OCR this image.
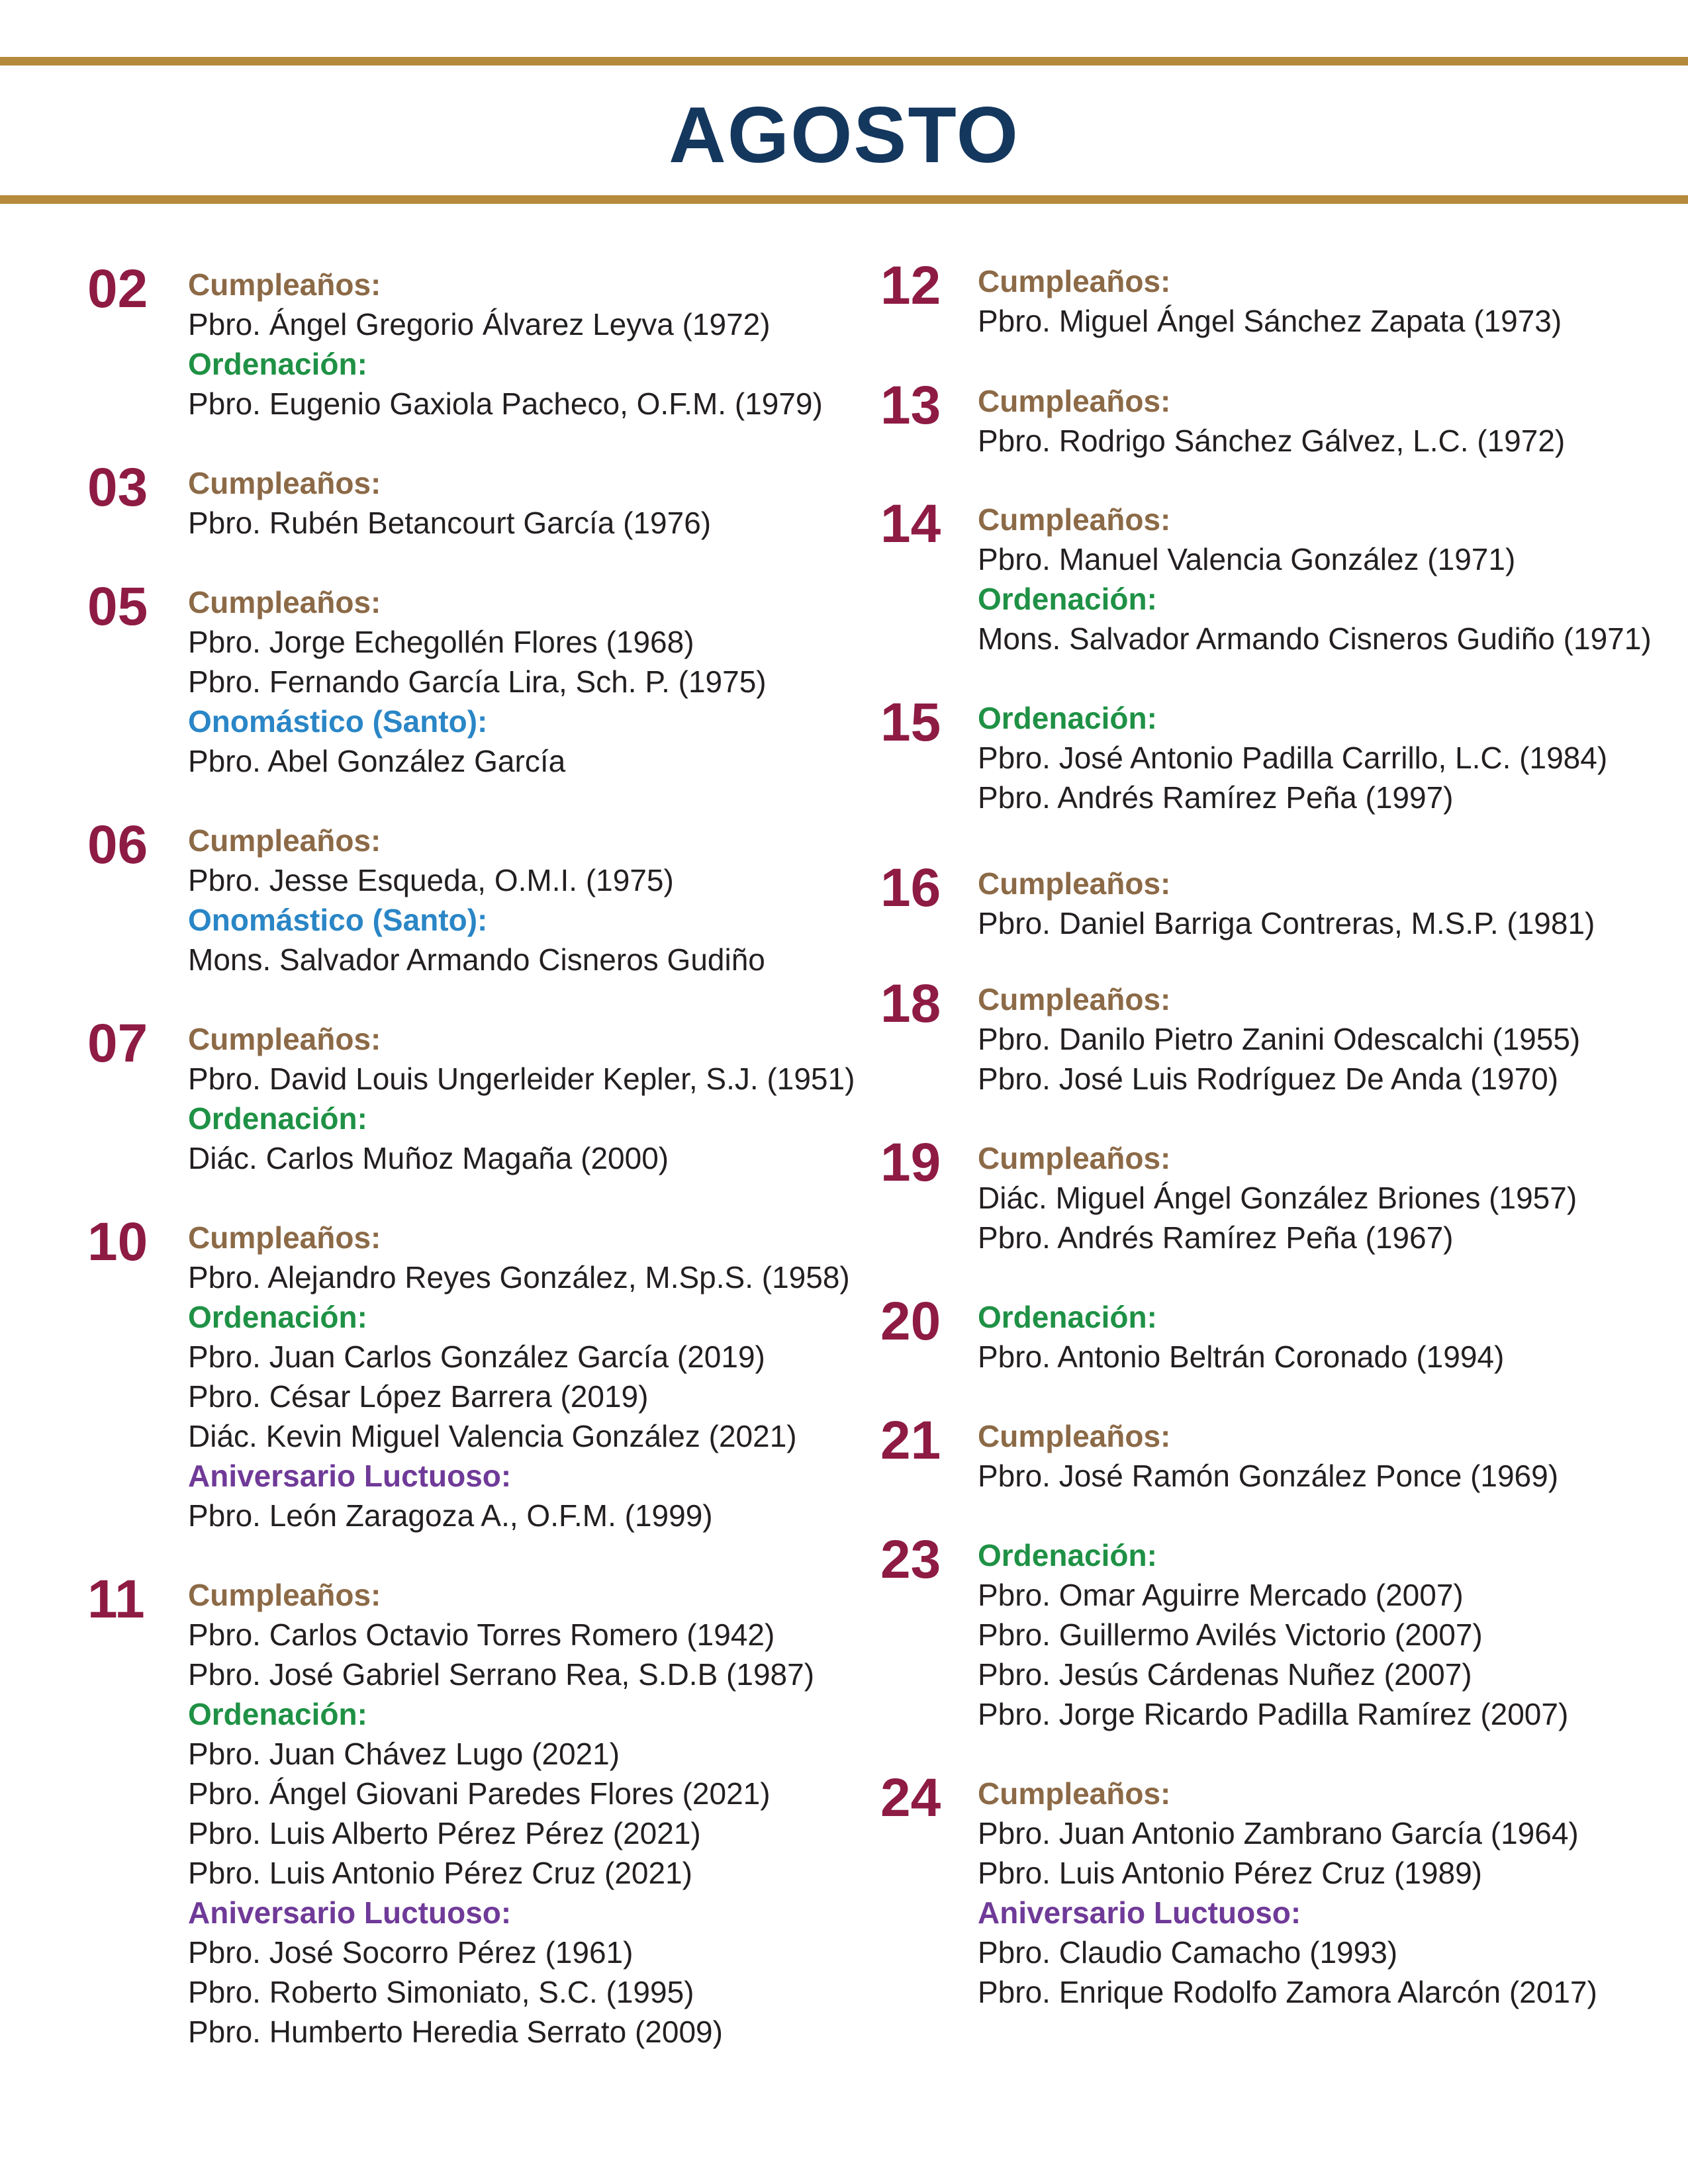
AGOSTO
02 Cumpleaños:
Pbro. Ángel Gregorio Álvarez Leyva (1972)
Ordenación:
Pbro. Eugenio Gaxiola Pacheco, O.F.M. (1979)
03 Cumpleaños:
Pbro. Rubén Betancourt García (1976)
05 Cumpleaños:
Pbro. Jorge Echegollén Flores (1968)
Pbro. Fernando García Lira, Sch. P. (1975)
Onomástico (Santo):
Pbro. Abel González García
06 Cumpleaños:
Pbro. Jesse Esqueda, O.M.I. (1975)
Onomástico (Santo):
Mons. Salvador Armando Cisneros Gudiño
07 Cumpleaños:
Pbro. David Louis Ungerleider Kepler, S.J. (1951)
Ordenación:
Diác. Carlos Muñoz Magaña (2000)
10 Cumpleaños:
Pbro. Alejandro Reyes González, M.Sp.S. (1958)
Ordenación:
Pbro. Juan Carlos González García (2019)
Pbro. César López Barrera (2019)
Diác. Kevin Miguel Valencia González (2021)
Aniversario Luctuoso:
Pbro. León Zaragoza A., O.F.M. (1999)
11 Cumpleaños:
Pbro. Carlos Octavio Torres Romero (1942)
Pbro. José Gabriel Serrano Rea, S.D.B (1987)
Ordenación:
Pbro. Juan Chávez Lugo (2021)
Pbro. Ángel Giovani Paredes Flores (2021)
Pbro. Luis Alberto Pérez Pérez (2021)
Pbro. Luis Antonio Pérez Cruz (2021)
Aniversario Luctuoso:
Pbro. José Socorro Pérez (1961)
Pbro. Roberto Simoniato, S.C. (1995)
Pbro. Humberto Heredia Serrato (2009)
12 Cumpleaños:
Pbro. Miguel Ángel Sánchez Zapata (1973)
13 Cumpleaños:
Pbro. Rodrigo Sánchez Gálvez, L.C. (1972)
14 Cumpleaños:
Pbro. Manuel Valencia González (1971)
Ordenación:
Mons. Salvador Armando Cisneros Gudiño (1971)
15 Ordenación:
Pbro. José Antonio Padilla Carrillo, L.C. (1984)
Pbro. Andrés Ramírez Peña (1997)
16 Cumpleaños:
Pbro. Daniel Barriga Contreras, M.S.P. (1981)
18 Cumpleaños:
Pbro. Danilo Pietro Zanini Odescalchi (1955)
Pbro. José Luis Rodríguez De Anda (1970)
19 Cumpleaños:
Diác. Miguel Ángel González Briones (1957)
Pbro. Andrés Ramírez Peña (1967)
20 Ordenación:
Pbro. Antonio Beltrán Coronado (1994)
21 Cumpleaños:
Pbro. José Ramón González Ponce (1969)
23 Ordenación:
Pbro. Omar Aguirre Mercado (2007)
Pbro. Guillermo Avilés Victorio (2007)
Pbro. Jesús Cárdenas Nuñez (2007)
Pbro. Jorge Ricardo Padilla Ramírez (2007)
24 Cumpleaños:
Pbro. Juan Antonio Zambrano García (1964)
Pbro. Luis Antonio Pérez Cruz (1989)
Aniversario Luctuoso:
Pbro. Claudio Camacho (1993)
Pbro. Enrique Rodolfo Zamora Alarcón (2017)
